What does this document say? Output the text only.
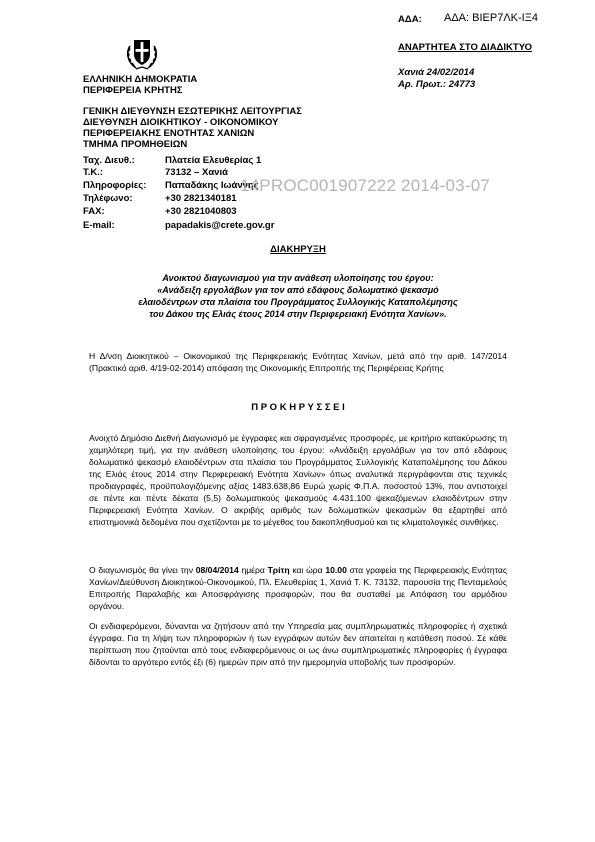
ΑΔΑ: ΑΔΑ: ΒΙΕΡ7ΛΚ-ΙΞ4
ΑΝΑΡΤΗΤΕΑ ΣΤΟ ΔΙΑΔΙΚΤΥΟ
Χανιά 24/02/2014
Αρ. Πρωτ.: 24773
ΕΛΛΗΝΙΚΗ ΔΗΜΟΚΡΑΤΙΑ
ΠΕΡΙΦΕΡΕΙΑ ΚΡΗΤΗΣ
ΓΕΝΙΚΗ ΔΙΕΥΘΥΝΣΗ ΕΣΩΤΕΡΙΚΗΣ ΛΕΙΤΟΥΡΓΙΑΣ
ΔΙΕΥΘΥΝΣΗ ΔΙΟΙΚΗΤΙΚΟΥ - ΟΙΚΟΝΟΜΙΚΟΥ
ΠΕΡΙΦΕΡΕΙΑΚΗΣ ΕΝΟΤΗΤΑΣ ΧΑΝΙΩΝ
ΤΜΗΜΑ ΠΡΟΜΗΘΕΙΩΝ
Ταχ. Διευθ.:	Πλατεία Ελευθερίας 1
Τ.Κ.:	73132 – Χανιά
Πληροφορίες: Παπαδάκης Ιωάννης
Τηλέφωνο:	+30 2821340181
FAX:	+30 2821040803
E-mail:	papadakis@crete.gov.gr
14PROC001907222 2014-03-07
ΔΙΑΚΗΡΥΞΗ
Ανοικτού διαγωνισμού για την ανάθεση υλοποίησης του έργου:
«Ανάδειξη εργολάβων για τον από εδάφους δολωματικό ψεκασμό
ελαιοδέντρων στα πλαίσια του Προγράμματος Συλλογικής Καταπολέμησης
του Δάκου της Ελιάς έτους 2014 στην Περιφερειακή Ενότητα Χανίων».
Η Δ/νση Διοικητικού – Οικονομικού της Περιφερειακής Ενότητας Χανίων, μετά από την αριθ. 147/2014 (Πρακτικό αριθ. 4/19-02-2014) απόφαση της Οικονομικής Επιτροπής της Περιφέρειας Κρήτης
Π Ρ Ο Κ Η Ρ Υ Σ Σ Ε Ι
Ανοιχτό Δημόσιο Διεθνή Διαγωνισμό με έγγραφες και σφραγισμένες προσφορές, με κριτήριο κατακύρωσης τη χαμηλότερη τιμή, για την ανάθεση υλοποίησης του έργου: «Ανάδειξη εργολάβων για τον από εδάφους δολωματικό ψεκασμό ελαιοδέντρων στα πλαίσια του Προγράμματος Συλλογικής Καταπολέμησης του Δάκου της Ελιάς έτους 2014 στην Περιφερειακή Ενότητα Χανίων» όπως αναλυτικά περιγράφονται στις τεχνικές προδιαγραφές, προϋπολογιζόμενης αξίας 1483.638,86 Ευρώ χωρίς Φ.Π.Α. ποσοστού 13%, που αντιστοιχεί σε πέντε και πέντε δέκατα (5,5) δολωματικούς ψεκασμούς 4.431.100 ψεκαζόμενων ελαιοδέντρων στην Περιφερειακή Ενότητα Χανίων. Ο ακριβής αριθμός των δολωματικών ψεκασμών θα εξαρτηθεί από επιστημονικά δεδομένα που σχετίζονται με το μέγεθος του δακοπληθυσμού και τις κλιματολογικές συνθήκες.
Ο διαγωνισμός θα γίνει την 08/04/2014 ημέρα Τρίτη και ώρα 10.00 στα γραφεία της Περιφερειακής Ενότητας Χανίων/Διεύθυνση Διοικητικού-Οικονομικού, Πλ. Ελευθερίας 1, Χανιά Τ. Κ. 73132, παρουσία της Πενταμελούς Επιτροπής Παραλαβής και Αποσφράγισης προσφορών, που θα συσταθεί με Απόφαση του αρμόδιου οργάνου.
Οι ενδιαφερόμενοι, δύνανται να ζητήσουν από την Υπηρεσία μας συμπληρωματικές πληροφορίες ή σχετικά έγγραφα. Για τη λήψη των πληροφοριών ή των εγγράφων αυτών δεν απαιτείται η κατάθεση ποσού. Σε κάθε περίπτωση που ζητούνται από τους ενδιαφερόμενους οι ως άνω συμπληρωματικές πληροφορίες ή έγγραφα δίδονται το αργότερο εντός έξι (6) ημερών πριν από την ημερομηνία υποβολής των προσφορών.
